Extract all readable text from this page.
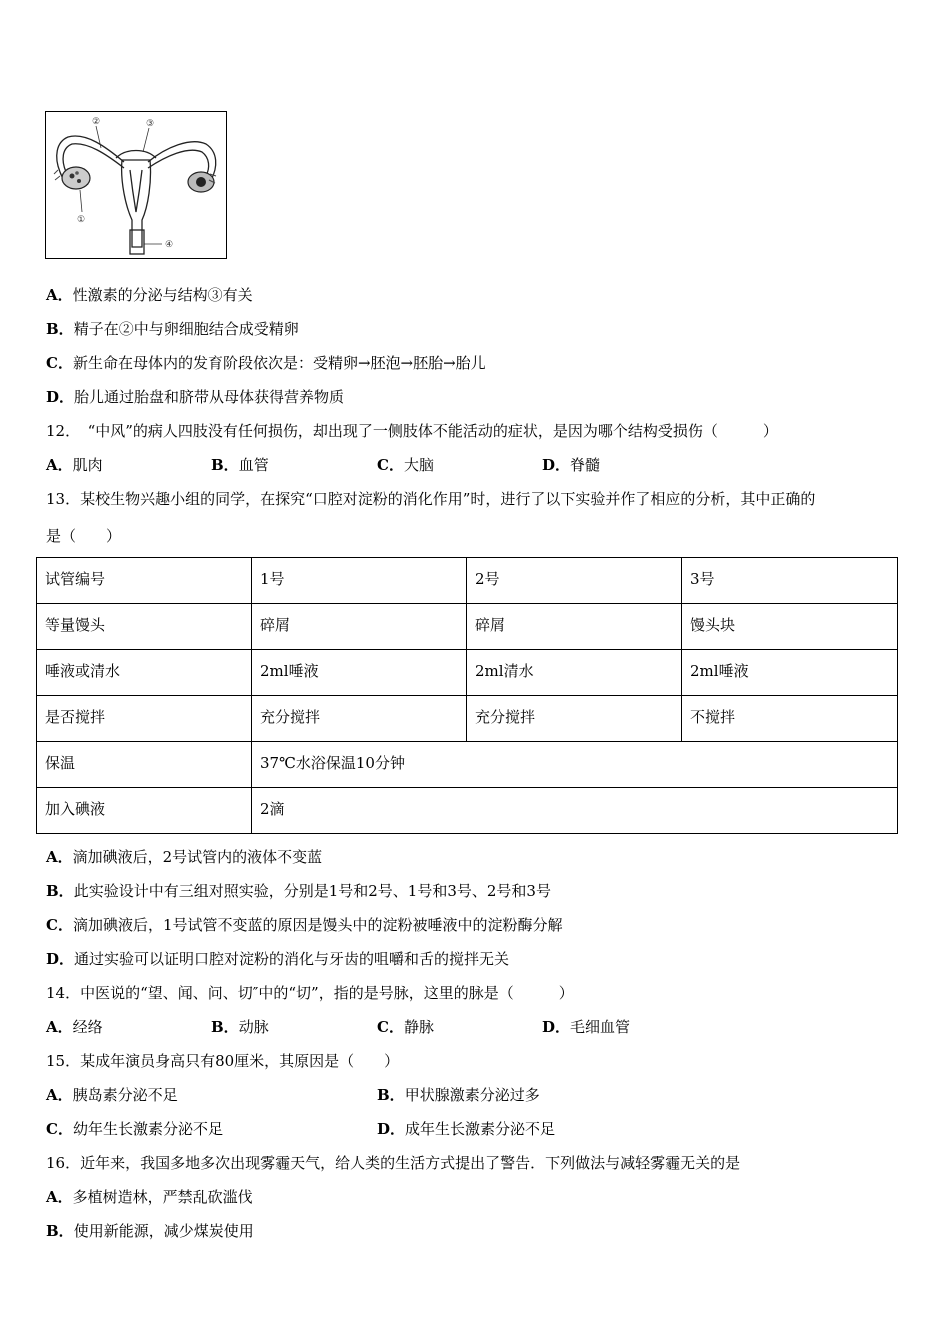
②	③
①
④
A．性激素的分泌与结构③有关
B．精子在②中与卵细胞结合成受精卵
C．新生命在母体内的发育阶段依次是：受精卵→胚泡→胚胎→胎儿
D．胎儿通过胎盘和脐带从母体获得营养物质
12．　“中风”的病人四肢没有任何损伤，却出现了一侧肢体不能活动的症状，是因为哪个结构受损伤（　　　）
A．肌肉	B．血管	C．大脑	D．脊髓
13．某校生物兴趣小组的同学，在探究“口腔对淀粉的消化作用”时，进行了以下实验并作了相应的分析，其中正确的
是（　　）
试管编号	1号	2号	3号
等量馒头	碎屑	碎屑	馒头块
唾液或清水	2ml唾液	2ml清水	2ml唾液
是否搅拌	充分搅拌	充分搅拌	不搅拌
保温	37℃水浴保温10分钟		
加入碘液	2滴		
A．滴加碘液后，2号试管内的液体不变蓝
B．此实验设计中有三组对照实验，分别是1号和2号、1号和3号、2号和3号
C．滴加碘液后，1号试管不变蓝的原因是馒头中的淀粉被唾液中的淀粉酶分解
D．通过实验可以证明口腔对淀粉的消化与牙齿的咀嚼和舌的搅拌无关
14．中医说的“望、闻、问、切″中的“切”，指的是号脉，这里的脉是（　　　）
A．经络	B．动脉	C．静脉	D．毛细血管
15．某成年演员身高只有80厘米，其原因是（　　）
A．胰岛素分泌不足	B．甲状腺激素分泌过多
C．幼年生长激素分泌不足	D．成年生长激素分泌不足
16．近年来，我国多地多次出现雾霾天气，给人类的生活方式提出了警告．下列做法与减轻雾霾无关的是
A．多植树造林，严禁乱砍滥伐
B．使用新能源，减少煤炭使用
